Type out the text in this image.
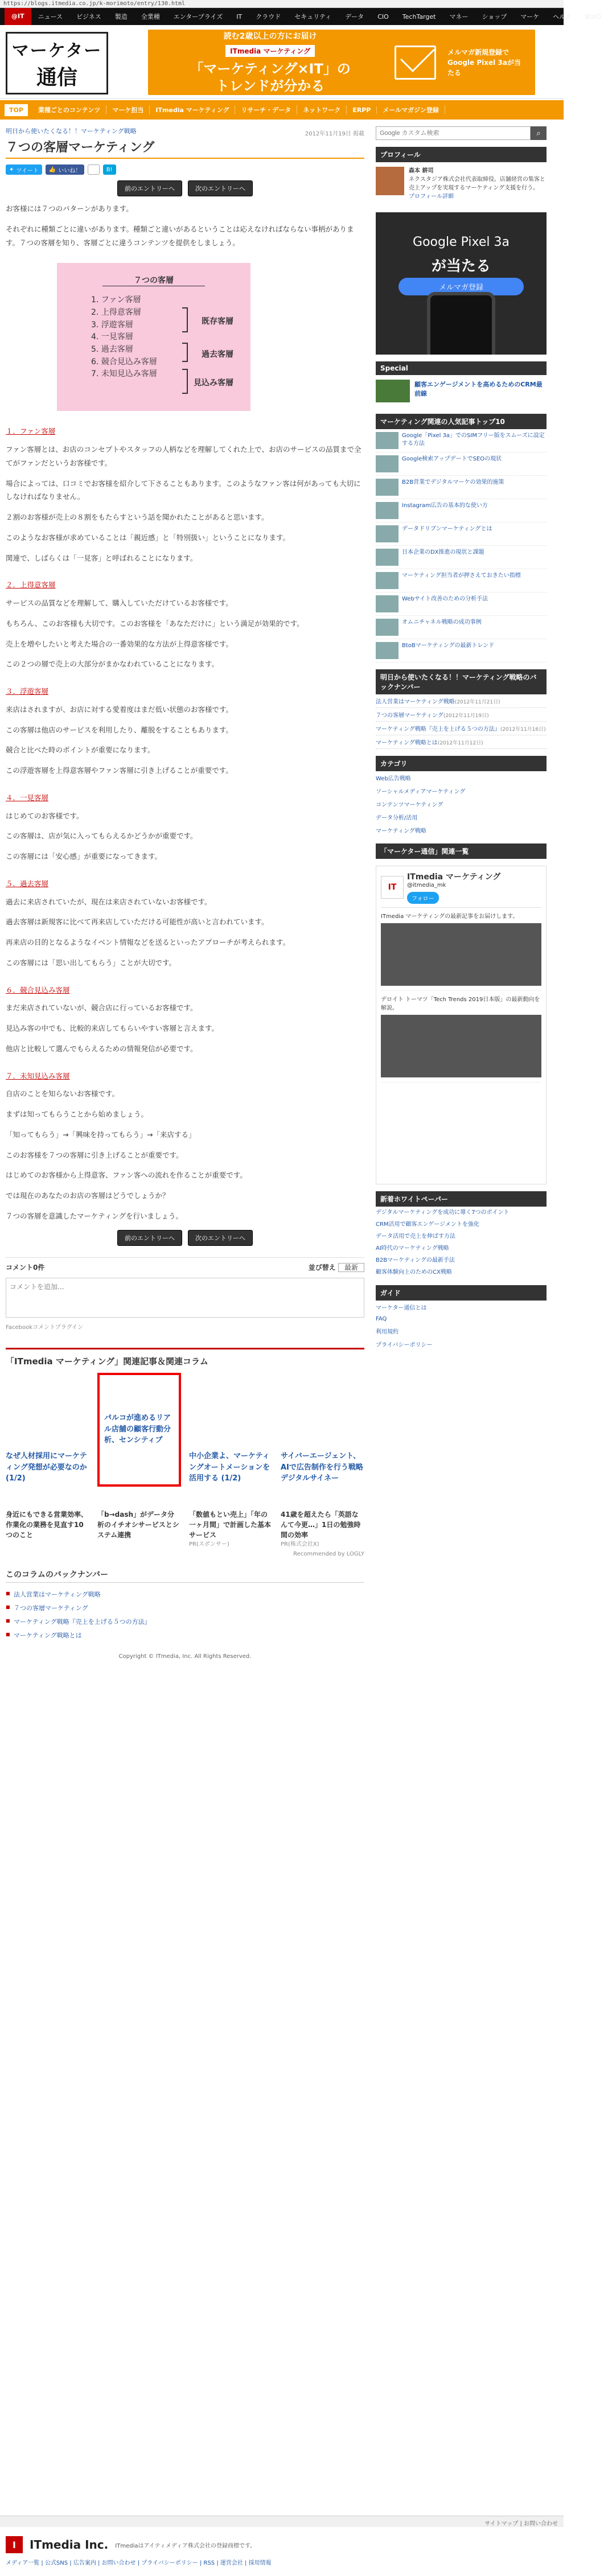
https://blogs.itmedia.co.jp/k-morimoto/entry/130.html
@IT	ニュース	ビジネス	製造	全業種	エンタープライズ	IT	クラウド	セキュリティ	データ	CIO	TechTarget	マネー	ショップ	マーケ	ヘルス	BizID
マーケター
通信
読む2歳以上の方にお届け
ITmedia マーケティング
「マーケティング×IT」の
トレンドが分かる
メルマガ新規登録で
Google Pixel 3aが当たる
TOP	業種ごとのコンテンツ	マーケ担当	ITmedia マーケティング	リサーチ・データ	ネットワーク	ERPP	メールマガジン登録
明日から使いたくなる！！マーケティング戦略	2012年11月19日 掲載
７つの客層マーケティング
✦ ツイート 👍 いいね！	0	B!
前のエントリーへ	次のエントリーへ

お客様には７つのパターンがあります。

それぞれに種類ごとに違いがあります。種類ごと違いがあるということは応えなければならない事柄があります。７つの客層を知り、客層ごとに違うコンテンツを提供をしましょう。

７つの客層
1. ファン客層
2. 上得意客層
3. 浮遊客層
4. 一見客層
5. 過去客層
6. 競合見込み客層
7. 未知見込み客層
既存客層
過去客層
見込み客層

１．ファン客層

ファン客層とは、お店のコンセプトやスタッフの人柄などを理解してくれた上で、お店のサービスの品質まで全てがファンだというお客様です。

場合によっては、口コミでお客様を紹介して下さることもあります。このようなファン客は何があっても大切にしなければなりません。

２割のお客様が売上の８割をもたらすという話を聞かれたことがあると思います。

このようなお客様が求めていることは「親近感」と「特別扱い」ということになります。

関連で、しばらくは「一見客」と呼ばれることになります。

２．上得意客層

サービスの品質などを理解して、購入していただけているお客様です。

もちろん、このお客様も大切です。このお客様を「あなただけに」という満足が効果的です。

売上を増やしたいと考えた場合の一番効果的な方法が上得意客様です。

この２つの層で売上の大部分がまかなわれていることになります。

３．浮遊客層

来店はされますが、お店に対する愛着度はまだ低い状態のお客様です。

この客層は他店のサービスを利用したり、離脱をすることもあります。

競合と比べた時のポイントが重要になります。

この浮遊客層を上得意客層やファン客層に引き上げることが重要です。

４．一見客層

はじめてのお客様です。

この客層は、店が気に入ってもらえるかどうかが重要です。

この客層には「安心感」が重要になってきます。

５．過去客層

過去に来店されていたが、現在は来店されていないお客様です。

過去客層は新規客に比べて再来店していただける可能性が高いと言われています。

再来店の目的となるようなイベント情報などを送るといったアプローチが考えられます。

この客層には「思い出してもらう」ことが大切です。

６．競合見込み客層

まだ来店されていないが、競合店に行っているお客様です。

見込み客の中でも、比較的来店してもらいやすい客層と言えます。

他店と比較して選んでもらえるための情報発信が必要です。

７．未知見込み客層

自店のことを知らないお客様です。

まずは知ってもらうことから始めましょう。

「知ってもらう」→「興味を持ってもらう」→「来店する」

このお客様を７つの客層に引き上げることが重要です。

はじめてのお客様から上得意客、ファン客への流れを作ることが重要です。

では現在のあなたのお店の客層はどうでしょうか？

７つの客層を意識したマーケティングを行いましょう。

前のエントリーへ	次のエントリーへ
コメント0件	並び替え 最新
コメントを追加...
Facebookコメントプラグイン
「ITmedia マーケティング」関連記事＆関連コラム
なぜ人材採用にマーケティング発想が必要なのか (1/2)
パルコが進めるリアル店舗の顧客行動分析、センシティブ
中小企業よ、マーケティングオートメーションを活用する (1/2)
サイバーエージェント、AIで広告制作を行う戦略デジタルサイネー
身近にもできる営業効率、作業化の業務を見直す10つのこと
「b→dash」がデータ分析のイチオシサービスとシステム連携
「数値もとい売上」「年の一ヶ月間」で計画した基本サービス
PR(スポンサー)
41歳を超えたら「英語なんて今更…」1日の勉強時間の効率
PR(株式会社X)
Recommended by LOGLY
このコラムのバックナンバー
■ 法人営業はマーケティング戦略
■ ７つの客層マーケティング
■ マーケティング戦略『売上を上げる５つの方法』
■ マーケティング戦略とは
Copyright © ITmedia, Inc. All Rights Reserved.
Google カスタム検索
⌕
プロフィール
森本 耕司
ネクスタジア株式会社代表取締役。店舗経営の集客と売上アップを実現するマーケティング支援を行う。
プロフィール詳細
Google Pixel 3a
が当たる
メルマガ登録
Special
顧客エンゲージメントを高めるためのCRM最前線
マーケティング関連の人気記事トップ10
Google「Pixel 3a」でのSIMフリー版をスムーズに設定する方法
Google検索アップデートでSEOの現状
B2B営業でデジタルマーケの効果的施策
Instagram広告の基本的な使い方
データドリブンマーケティングとは
日本企業のDX推進の現状と課題
マーケティング担当者が押さえておきたい指標
Webサイト改善のための分析手法
オムニチャネル戦略の成功事例
BtoBマーケティングの最新トレンド
明日から使いたくなる！！マーケティング戦略のバックナンバー
法人営業はマーケティング戦略(2012年11月21日)
７つの客層マーケティング(2012年11月19日)
マーケティング戦略『売上を上げる５つの方法』(2012年11月16日)
マーケティング戦略とは(2012年11月12日)
カテゴリ
Web広告戦略
ソーシャルメディアマーケティング
コンテンツマーケティング
データ分析/活用
マーケティング戦略
「マーケター通信」関連一覧
IT
ITmedia マーケティング
@itmedia_mk
フォロー
ITmedia マーケティングの最新記事をお届けします。
デロイト トーマツ「Tech Trends 2019日本版」の最新動向を解説。
新着ホワイトペーパー
デジタルマーケティングを成功に導く7つのポイント
CRM活用で顧客エンゲージメントを強化
データ活用で売上を伸ばす方法
AI時代のマーケティング戦略
B2Bマーケティングの最新手法
顧客体験向上のためのCX戦略
ガイド
マーケター通信とは
FAQ
利用規約
プライバシーポリシー
サイトマップ | お問い合わせ
I	ITmedia Inc. ITmediaはアイティメディア株式会社の登録商標です。
メディア一覧 | 公式SNS | 広告案内 | お問い合わせ | プライバシーポリシー | RSS | 運営会社 | 採用情報
